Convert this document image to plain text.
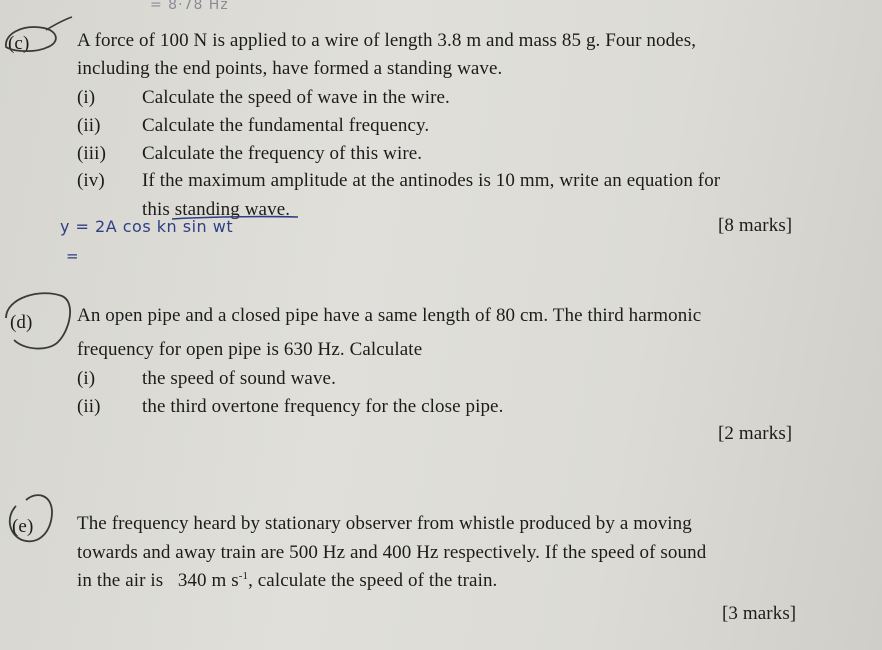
= 8·78 Hz
(c)	A force of 100 N is applied to a wire of length 3.8 m and mass 85 g. Four nodes,
including the end points, have formed a standing wave.
(i) Calculate the speed of wave in the wire.
(ii) Calculate the fundamental frequency.
(iii) Calculate the frequency of this wire.
(iv) If the maximum amplitude at the antinodes is 10 mm, write an equation for
this standing wave.
y = 2A cos kn sin wt
=
[8 marks]
(d) An open pipe and a closed pipe have a same length of 80 cm. The third harmonic
frequency for open pipe is 630 Hz. Calculate
(i) the speed of sound wave.
(ii) the third overtone frequency for the close pipe.
[2 marks]
(e) The frequency heard by stationary observer from whistle produced by a moving
towards and away train are 500 Hz and 400 Hz respectively. If the speed of sound
in the air is 340 m $s^{-1}$, calculate the speed of the train.
[3 marks]
